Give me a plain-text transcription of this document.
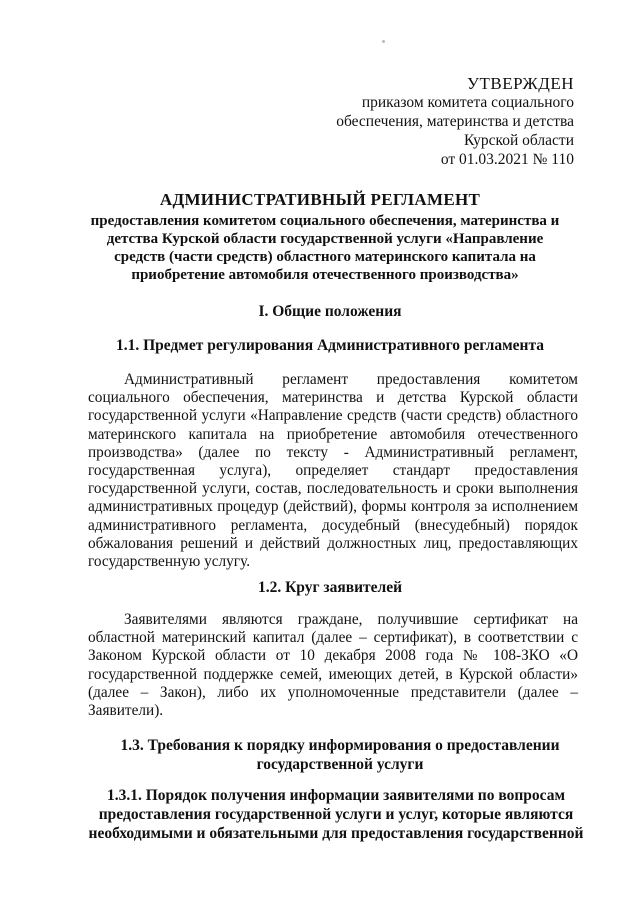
УТВЕРЖДЕН
приказом комитета социального
обеспечения, материнства и детства
Курской области
от 01.03.2021 № 110
АДМИНИСТРАТИВНЫЙ РЕГЛАМЕНТ
предоставления комитетом социального обеспечения, материнства и детства Курской области государственной услуги «Направление средств (части средств) областного материнского капитала на приобретение автомобиля отечественного производства»
I. Общие положения
1.1. Предмет регулирования Административного регламента
Административный регламент предоставления комитетом социального обеспечения, материнства и детства Курской области государственной услуги «Направление средств (части средств) областного материнского капитала на приобретение автомобиля отечественного производства» (далее по тексту - Административный регламент, государственная услуга), определяет стандарт предоставления государственной услуги, состав, последовательность и сроки выполнения административных процедур (действий), формы контроля за исполнением административного регламента, досудебный (внесудебный) порядок обжалования решений и действий должностных лиц, предоставляющих государственную услугу.
1.2. Круг заявителей
Заявителями являются граждане, получившие сертификат на областной материнский капитал (далее – сертификат), в соответствии с Законом Курской области от 10 декабря 2008 года № 108-ЗКО «О государственной поддержке семей, имеющих детей, в Курской области» (далее – Закон), либо их уполномоченные представители (далее – Заявители).
1.3. Требования к порядку информирования о предоставлении государственной услуги
1.3.1. Порядок получения информации заявителями по вопросам предоставления государственной услуги и услуг, которые являются необходимыми и обязательными для предоставления государственной
